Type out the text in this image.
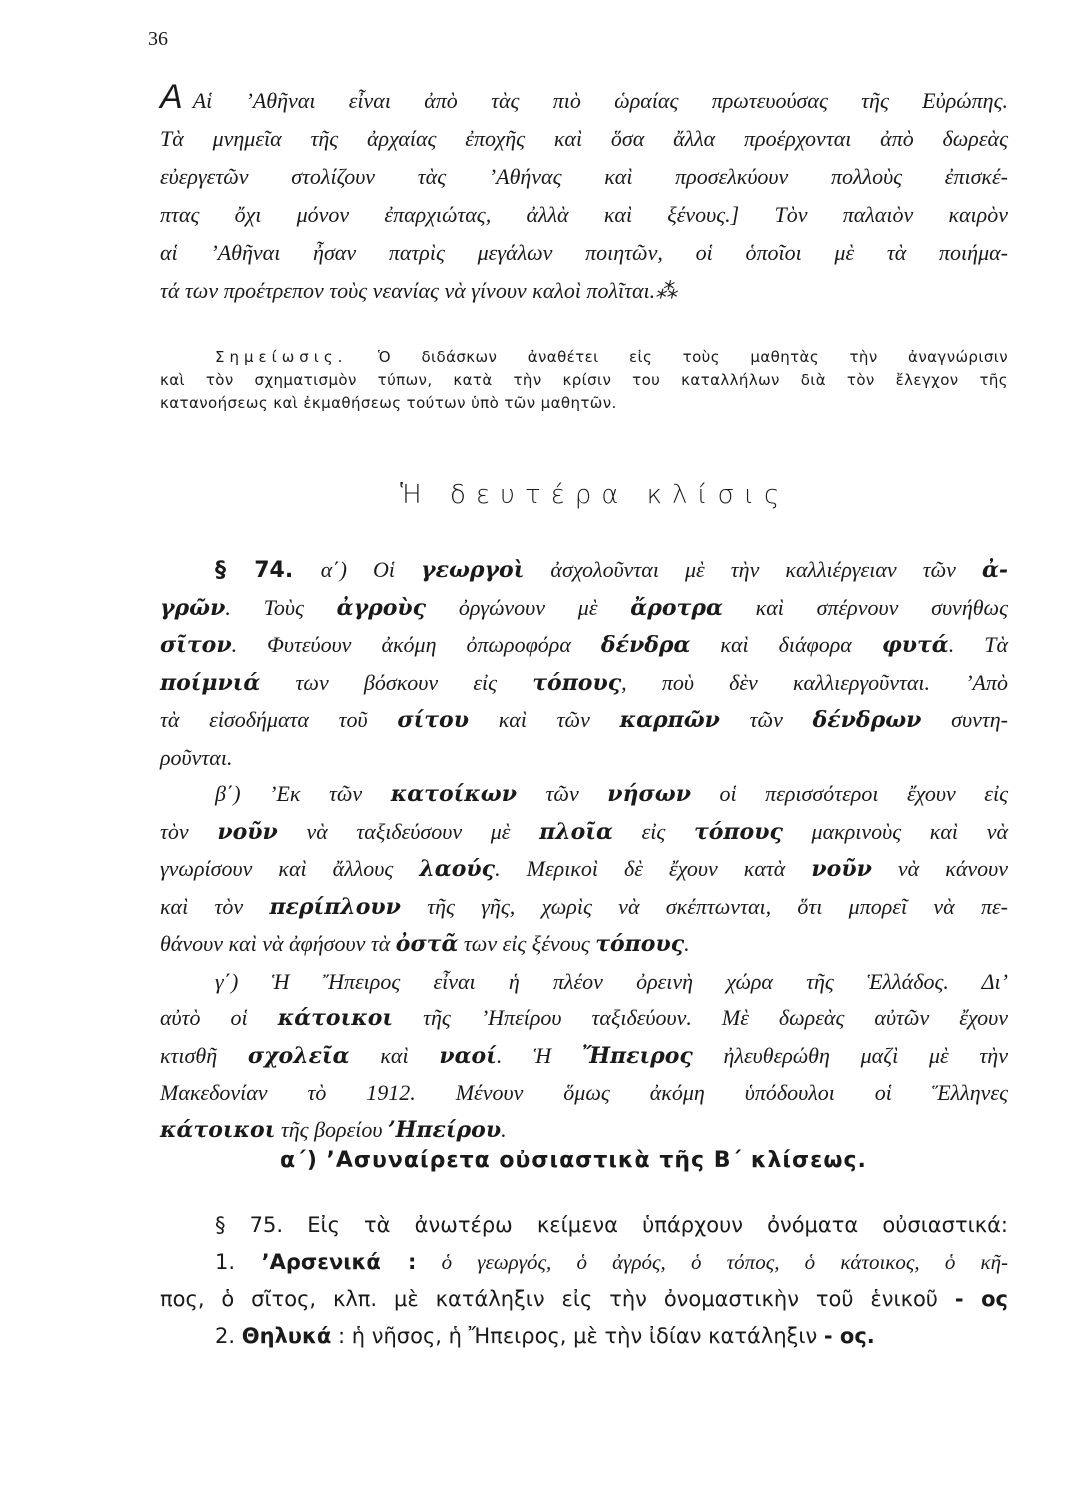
36
A Αἱ ’Αθῆναι εἶναι ἀπὸ τὰς πιὸ ὡραίας πρωτευούσας τῆς Εὐρώπης.
Τὰ μνημεῖα τῆς ἀρχαίας ἐποχῆς καὶ ὅσα ἄλλα προέρχονται ἀπὸ δωρεὰς
εὐεργετῶν στολίζουν τὰς ’Αθήνας καὶ προσελκύουν πολλοὺς ἐπισκέ-
πτας ὄχι μόνον ἐπαρχιώτας, ἀλλὰ καὶ ξένους.] Τὸν παλαιὸν καιρὸν
αἱ ’Αθῆναι ἦσαν πατρὶς μεγάλων ποιητῶν, οἱ ὁποῖοι μὲ τὰ ποιήμα-
τά των προέτρεπον τοὺς νεανίας νὰ γίνουν καλοὶ πολῖται.⁂
Σημείωσις. Ὁ διδάσκων ἀναθέτει εἰς τοὺς μαθητὰς τὴν ἀναγνώρισιν
καὶ τὸν σχηματισμὸν τύπων, κατὰ τὴν κρίσιν του καταλλήλων διὰ τὸν ἔλεγχον τῆς
κατανοήσεως καὶ ἐκμαθήσεως τούτων ὑπὸ τῶν μαθητῶν.
Ἡ δευτέρα κλίσις
§ 74. α΄) Οἱ γεωργοὶ ἀσχολοῦνται μὲ τὴν καλλιέργειαν τῶν ἀ-
γρῶν. Τοὺς ἀγροὺς ὀργώνουν μὲ ἄροτρα καὶ σπέρνουν συνήθως
σῖτον. Φυτεύουν ἀκόμη ὀπωροφόρα δένδρα καὶ διάφορα φυτά. Τὰ
ποίμνιά των βόσκουν εἰς τόπους, ποὺ δὲν καλλιεργοῦνται. ’Απὸ
τὰ εἰσοδήματα τοῦ σίτου καὶ τῶν καρπῶν τῶν δένδρων συντη-
ροῦνται.
β΄) ’Εκ τῶν κατοίκων τῶν νήσων οἱ περισσότεροι ἔχουν εἰς
τὸν νοῦν νὰ ταξιδεύσουν μὲ πλοῖα εἰς τόπους μακρινοὺς καὶ νὰ
γνωρίσουν καὶ ἄλλους λαούς. Μερικοὶ δὲ ἔχουν κατὰ νοῦν νὰ κάνουν
καὶ τὸν περίπλουν τῆς γῆς, χωρὶς νὰ σκέπτωνται, ὅτι μπορεῖ νὰ πε-
θάνουν καὶ νὰ ἀφήσουν τὰ ὀστᾶ των εἰς ξένους τόπους.
γ΄) Ἡ Ἤπειρος εἶναι ἡ πλέον ὀρεινὴ χώρα τῆς Ἑλλάδος. Δι’
αὐτὸ οἱ κάτοικοι τῆς ’Ηπείρου ταξιδεύουν. Μὲ δωρεὰς αὐτῶν ἔχουν
κτισθῆ σχολεῖα καὶ ναοί. Ἡ Ἤπειρος ἠλευθερώθη μαζὶ μὲ τὴν
Μακεδονίαν τὸ 1912. Μένουν ὅμως ἀκόμη ὑπόδουλοι οἱ Ἕλληνες
κάτοικοι τῆς βορείου ’Ηπείρου.
α΄) ’Ασυναίρετα οὐσιαστικὰ τῆς Β΄ κλίσεως.
§ 75. Εἰς τὰ ἀνωτέρω κείμενα ὑπάρχουν ὀνόματα οὐσιαστικά:
1. ’Αρσενικά : ὁ γεωργός, ὁ ἀγρός, ὁ τόπος, ὁ κάτοικος, ὁ κῆ-
πος, ὁ σῖτος, κλπ. μὲ κατάληξιν εἰς τὴν ὀνομαστικὴν τοῦ ἑνικοῦ - ος
2. Θηλυκά : ἡ νῆσος, ἡ Ἤπειρος, μὲ τὴν ἰδίαν κατάληξιν - ος.
